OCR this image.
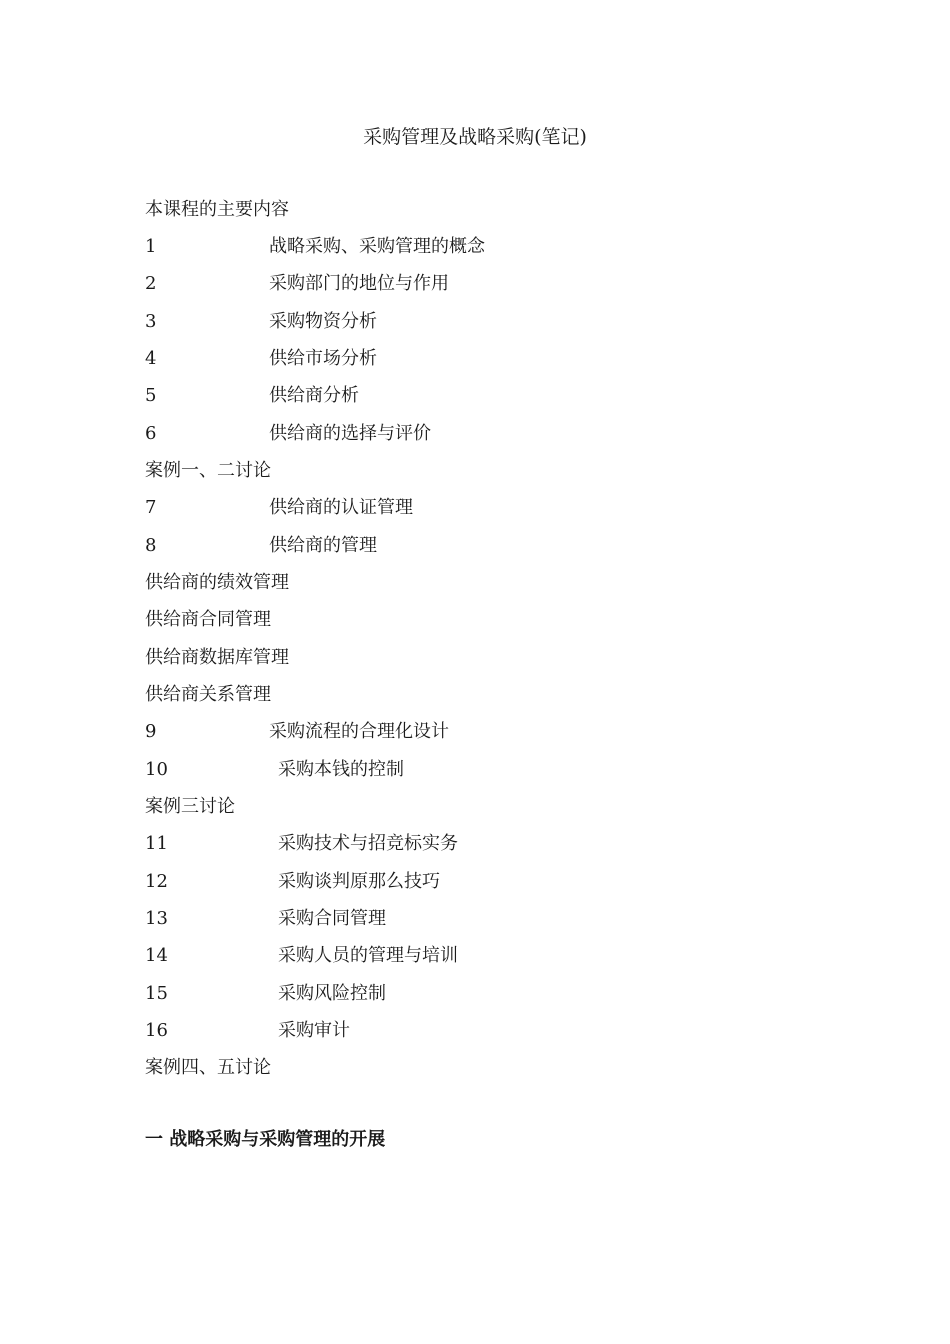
采购管理及战略采购(笔记)
本课程的主要内容
1	战略采购、采购管理的概念
2	采购部门的地位与作用
3	采购物资分析
4	供给市场分析
5	供给商分析
6	供给商的选择与评价
案例一、二讨论
7	供给商的认证管理
8	供给商的管理
供给商的绩效管理
供给商合同管理
供给商数据库管理
供给商关系管理
9	采购流程的合理化设计
10	采购本钱的控制
案例三讨论
11	采购技术与招竞标实务
12	采购谈判原那么技巧
13	采购合同管理
14	采购人员的管理与培训
15	采购风险控制
16	采购审计
案例四、五讨论
一 战略采购与采购管理的开展
